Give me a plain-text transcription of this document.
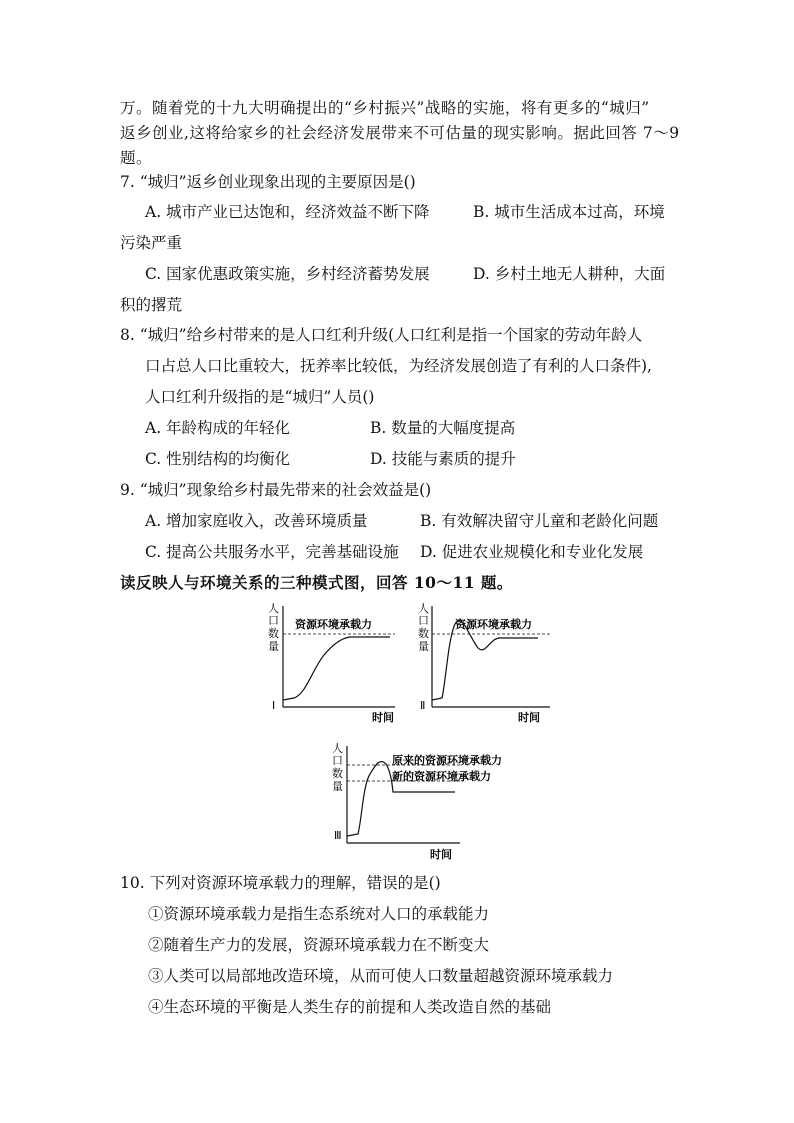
万。随着党的十九大明确提出的“乡村振兴”战略的实施，将有更多的“城归”
返乡创业,这将给家乡的社会经济发展带来不可估量的现实影响。据此回答 7～9
题。
7. “城归”返乡创业现象出现的主要原因是()
A. 城市产业已达饱和，经济效益不断下降	B. 城市生活成本过高，环境
污染严重
C. 国家优惠政策实施，乡村经济蓄势发展	D. 乡村土地无人耕种，大面
积的撂荒
8. “城归”给乡村带来的是人口红利升级(人口红利是指一个国家的劳动年龄人
口占总人口比重较大，抚养率比较低，为经济发展创造了有利的人口条件),
人口红利升级指的是“城归”人员()
A. 年龄构成的年轻化	B. 数量的大幅度提高
C. 性别结构的均衡化	D. 技能与素质的提升
9. “城归”现象给乡村最先带来的社会效益是()
A. 增加家庭收入，改善环境质量	B. 有效解决留守儿童和老龄化问题
C. 提高公共服务水平，完善基础设施 D. 促进农业规模化和专业化发展
读反映人与环境关系的三种模式图，回答 10～11 题。
人
口
数
量
资源环境承载力
Ⅰ
时间
人
口
数
量
资源环境承载力
Ⅱ
时间
人
口
数
量
原来的资源环境承载力
新的资源环境承载力
Ⅲ
时间
10. 下列对资源环境承载力的理解，错误的是()
①资源环境承载力是指生态系统对人口的承载能力
②随着生产力的发展，资源环境承载力在不断变大
③人类可以局部地改造环境，从而可使人口数量超越资源环境承载力
④生态环境的平衡是人类生存的前提和人类改造自然的基础
